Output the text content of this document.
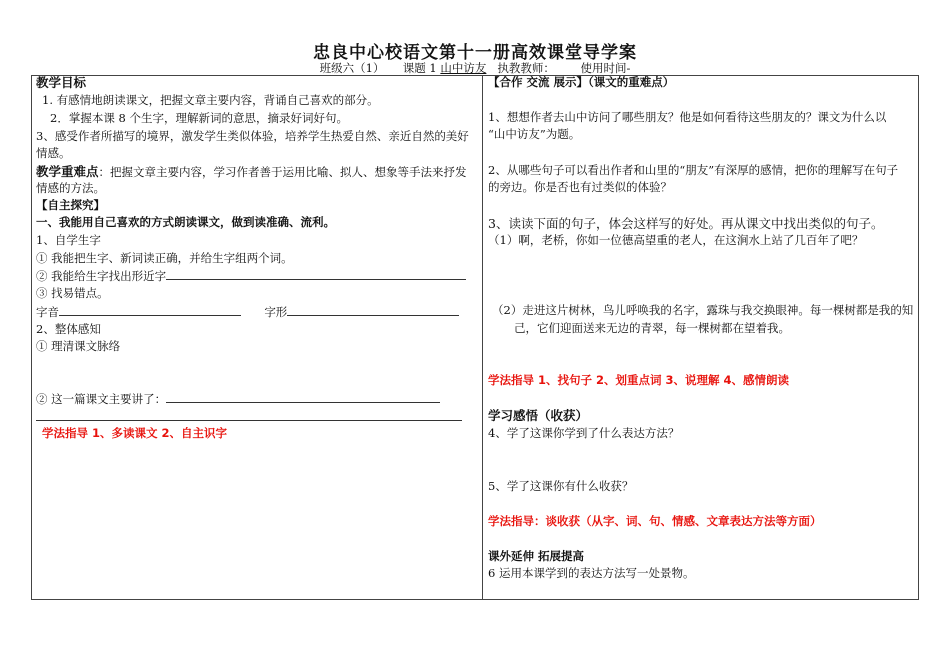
忠良中心校语文第十一册高效课堂导学案
班级六（1） 课题 1 山中访友 执教教师： 使用时间-
教学目标
1. 有感情地朗读课文，把握文章主要内容，背诵自己喜欢的部分。
2．掌握本课 8 个生字，理解新词的意思，摘录好词好句。
3、感受作者所描写的境界，激发学生类似体验，培养学生热爱自然、亲近自然的美好
情感。
教学重难点：把握文章主要内容，学习作者善于运用比喻、拟人、想象等手法来抒发
情感的方法。
【自主探究】
一、我能用自己喜欢的方式朗读课文，做到读准确、流利。
1、自学生字
① 我能把生字、新词读正确，并给生字组两个词。
② 我能给生字找出形近字
③ 找易错点。
字音	字形
2、整体感知
① 理清课文脉络
② 这一篇课文主要讲了：
学法指导 1、多读课文 2、自主识字
【合作 交流 展示】（课文的重难点）
1、想想作者去山中访问了哪些朋友？他是如何看待这些朋友的？课文为什么以
“山中访友”为题。
2、从哪些句子可以看出作者和山里的“朋友”有深厚的感情，把你的理解写在句子
的旁边。你是否也有过类似的体验？
3、读读下面的句子，体会这样写的好处。再从课文中找出类似的句子。
（1）啊，老桥，你如一位德高望重的老人，在这涧水上站了几百年了吧？
（2）走进这片树林，鸟儿呼唤我的名字，露珠与我交换眼神。每一棵树都是我的知
己，它们迎面送来无边的青翠，每一棵树都在望着我。
学法指导 1、找句子 2、划重点词 3、说理解 4、感情朗读
学习感悟（收获）
4、学了这课你学到了什么表达方法？
5、学了这课你有什么收获？
学法指导：谈收获（从字、词、句、情感、文章表达方法等方面）
课外延伸 拓展提高
6 运用本课学到的表达方法写一处景物。
